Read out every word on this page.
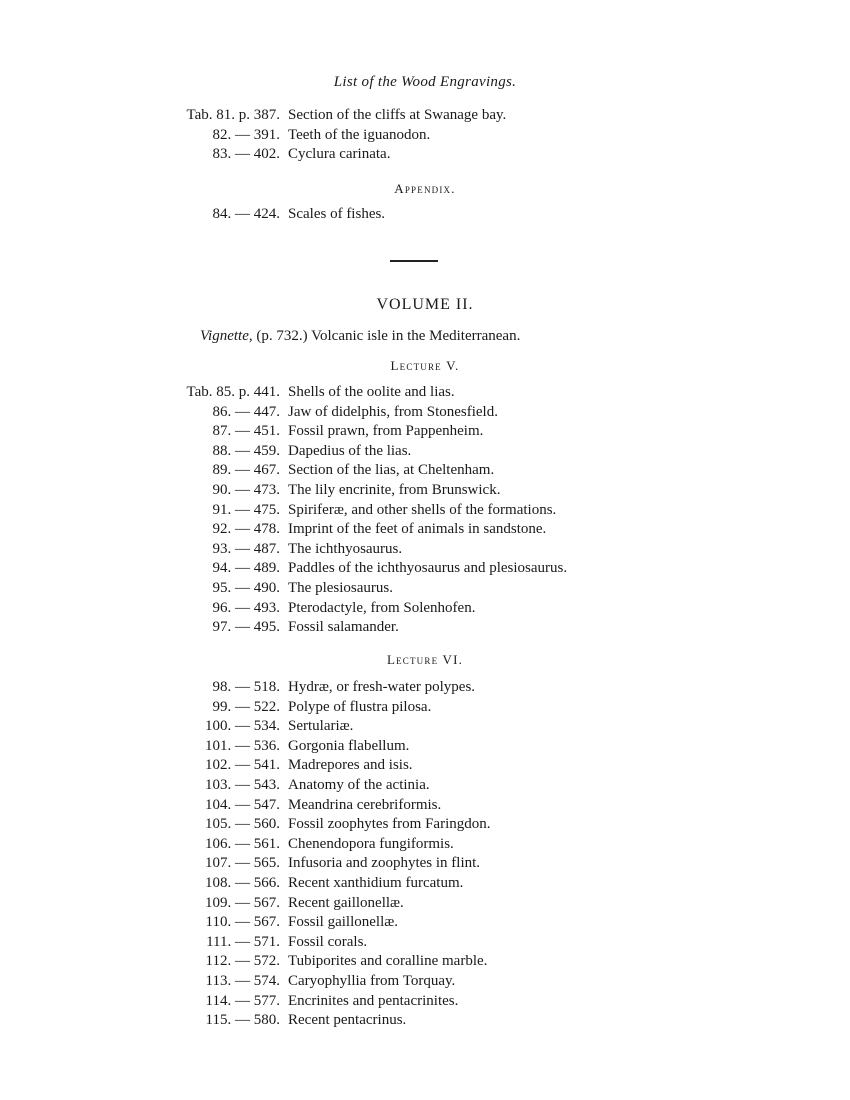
List of the Wood Engravings.
Tab. 81. p. 387. Section of the cliffs at Swanage bay.
82. — 391. Teeth of the iguanodon.
83. — 402. Cyclura carinata.
Appendix.
84. — 424. Scales of fishes.
VOLUME II.
Vignette, (p. 732.) Volcanic isle in the Mediterranean.
Lecture V.
Tab. 85. p. 441. Shells of the oolite and lias.
86. — 447. Jaw of didelphis, from Stonesfield.
87. — 451. Fossil prawn, from Pappenheim.
88. — 459. Dapedius of the lias.
89. — 467. Section of the lias, at Cheltenham.
90. — 473. The lily encrinite, from Brunswick.
91. — 475. Spiriferæ, and other shells of the formations.
92. — 478. Imprint of the feet of animals in sandstone.
93. — 487. The ichthyosaurus.
94. — 489. Paddles of the ichthyosaurus and plesiosaurus.
95. — 490. The plesiosaurus.
96. — 493. Pterodactyle, from Solenhofen.
97. — 495. Fossil salamander.
Lecture VI.
98. — 518. Hydræ, or fresh-water polypes.
99. — 522. Polype of flustra pilosa.
100. — 534. Sertulariæ.
101. — 536. Gorgonia flabellum.
102. — 541. Madrepores and isis.
103. — 543. Anatomy of the actinia.
104. — 547. Meandrina cerebriformis.
105. — 560. Fossil zoophytes from Faringdon.
106. — 561. Chenendopora fungiformis.
107. — 565. Infusoria and zoophytes in flint.
108. — 566. Recent xanthidium furcatum.
109. — 567. Recent gaillonellæ.
110. — 567. Fossil gaillonellæ.
111. — 571. Fossil corals.
112. — 572. Tubiporites and coralline marble.
113. — 574. Caryophyllia from Torquay.
114. — 577. Encrinites and pentacrinites.
115. — 580. Recent pentacrinus.
